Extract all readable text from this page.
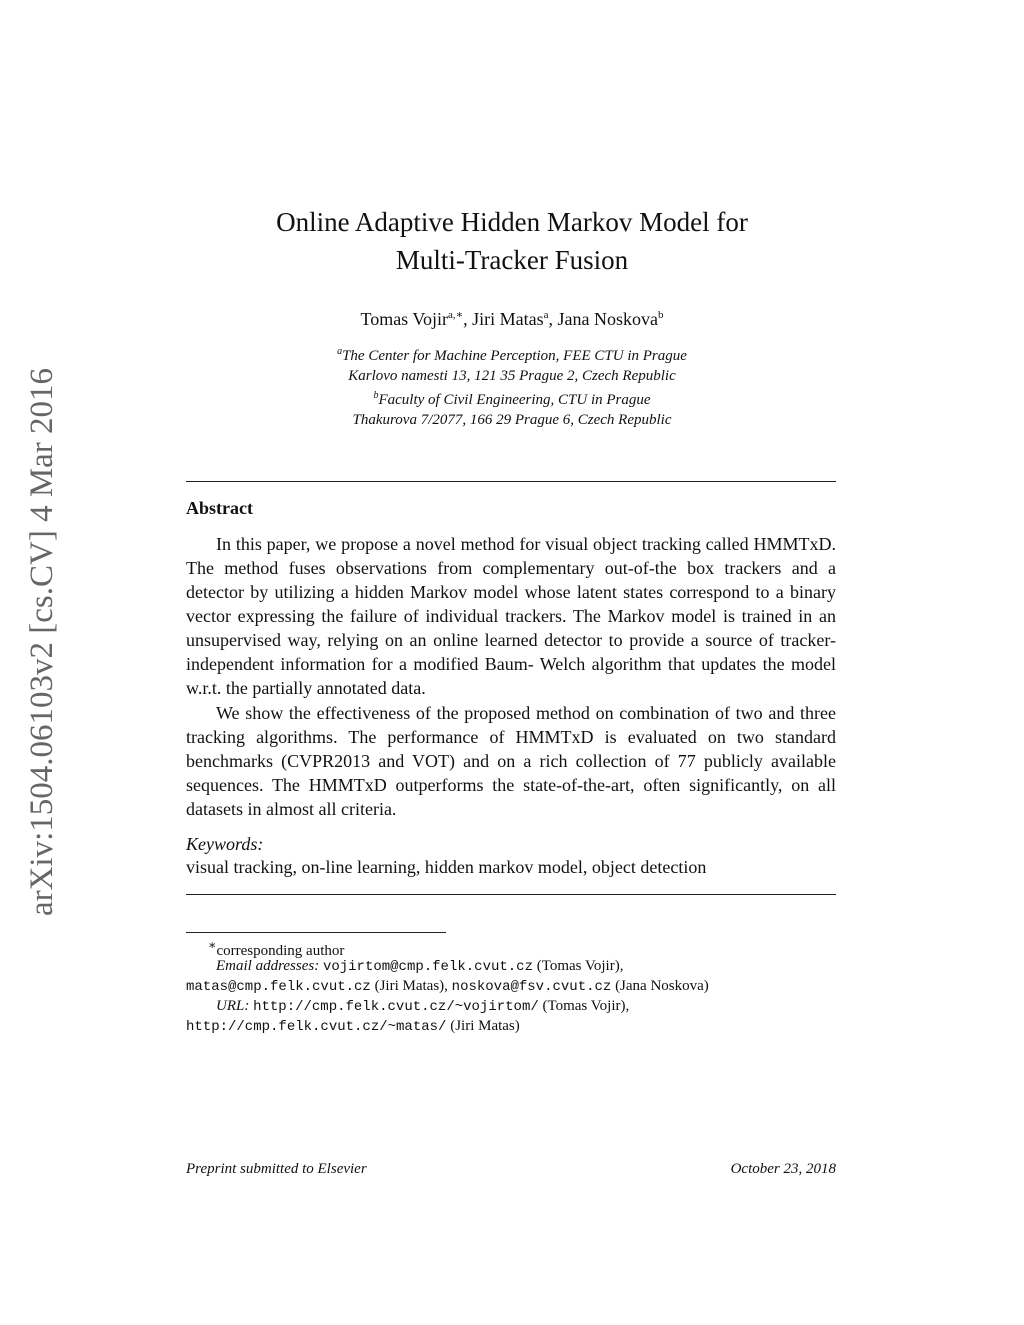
arXiv:1504.06103v2 [cs.CV] 4 Mar 2016
Online Adaptive Hidden Markov Model for
Multi-Tracker Fusion
Tomas Vojir$^{a,∗}$, Jiri Matas$^a$, Jana Noskova$^b$
$^a$The Center for Machine Perception, FEE CTU in Prague
Karlovo namesti 13, 121 35 Prague 2, Czech Republic
$^b$Faculty of Civil Engineering, CTU in Prague
Thakurova 7/2077, 166 29 Prague 6, Czech Republic
Abstract

In this paper, we propose a novel method for visual object tracking called HMMTxD. The method fuses observations from complementary out-of-the box trackers and a detector by utilizing a hidden Markov model whose latent states correspond to a binary vector expressing the failure of individual trackers. The Markov model is trained in an unsupervised way, relying on an online learned detector to provide a source of tracker-independent information for a modified Baum- Welch algorithm that updates the model w.r.t. the partially annotated data.

We show the effectiveness of the proposed method on combination of two and three tracking algorithms. The performance of HMMTxD is evaluated on two standard benchmarks (CVPR2013 and VOT) and on a rich collection of 77 publicly available sequences. The HMMTxD outperforms the state-of-the-art, often significantly, on all datasets in almost all criteria.

Keywords:
visual tracking, on-line learning, hidden markov model, object detection
∗corresponding author
Email addresses: vojirtom@cmp.felk.cvut.cz (Tomas Vojir),
matas@cmp.felk.cvut.cz (Jiri Matas), noskova@fsv.cvut.cz (Jana Noskova)
URL: http://cmp.felk.cvut.cz/~vojirtom/ (Tomas Vojir),
http://cmp.felk.cvut.cz/~matas/ (Jiri Matas)
Preprint submitted to Elsevier	October 23, 2018
